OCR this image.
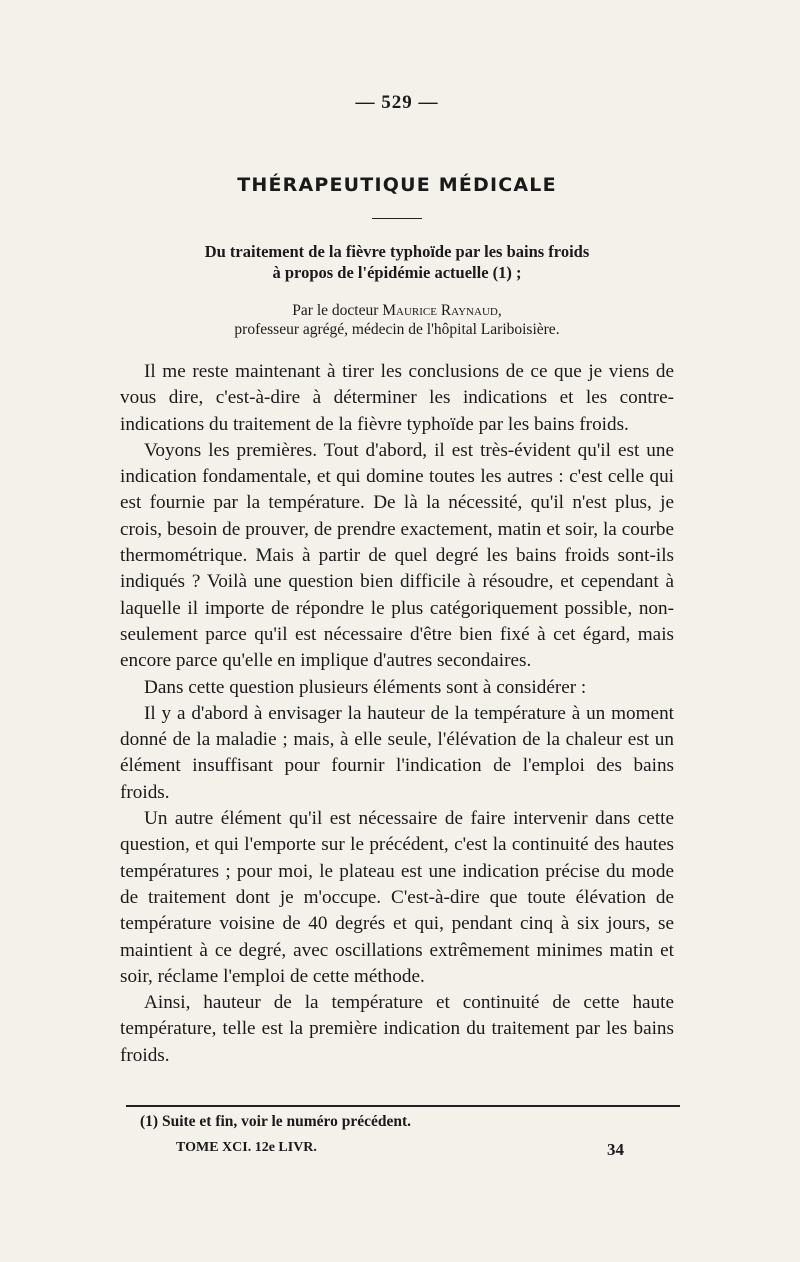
— 529 —
THÉRAPEUTIQUE MÉDICALE
Du traitement de la fièvre typhoïde par les bains froids
à propos de l'épidémie actuelle (1) ;
Par le docteur Maurice Raynaud,
professeur agrégé, médecin de l'hôpital Lariboisière.

Il me reste maintenant à tirer les conclusions de ce que je viens de vous dire, c'est-à-dire à déterminer les indications et les contre-indications du traitement de la fièvre typhoïde par les bains froids.

Voyons les premières. Tout d'abord, il est très-évident qu'il est une indication fondamentale, et qui domine toutes les autres : c'est celle qui est fournie par la température. De là la nécessité, qu'il n'est plus, je crois, besoin de prouver, de prendre exactement, matin et soir, la courbe thermométrique. Mais à partir de quel degré les bains froids sont-ils indiqués ? Voilà une question bien difficile à résoudre, et cependant à laquelle il importe de répondre le plus catégoriquement possible, non-seulement parce qu'il est nécessaire d'être bien fixé à cet égard, mais encore parce qu'elle en implique d'autres secondaires.

Dans cette question plusieurs éléments sont à considérer :

Il y a d'abord à envisager la hauteur de la température à un moment donné de la maladie ; mais, à elle seule, l'élévation de la chaleur est un élément insuffisant pour fournir l'indication de l'emploi des bains froids.

Un autre élément qu'il est nécessaire de faire intervenir dans cette question, et qui l'emporte sur le précédent, c'est la continuité des hautes températures ; pour moi, le plateau est une indication précise du mode de traitement dont je m'occupe. C'est-à-dire que toute élévation de température voisine de 40 degrés et qui, pendant cinq à six jours, se maintient à ce degré, avec oscillations extrêmement minimes matin et soir, réclame l'emploi de cette méthode.

Ainsi, hauteur de la température et continuité de cette haute température, telle est la première indication du traitement par les bains froids.

(1) Suite et fin, voir le numéro précédent.
TOME XCI. 12e LIVR.	34
